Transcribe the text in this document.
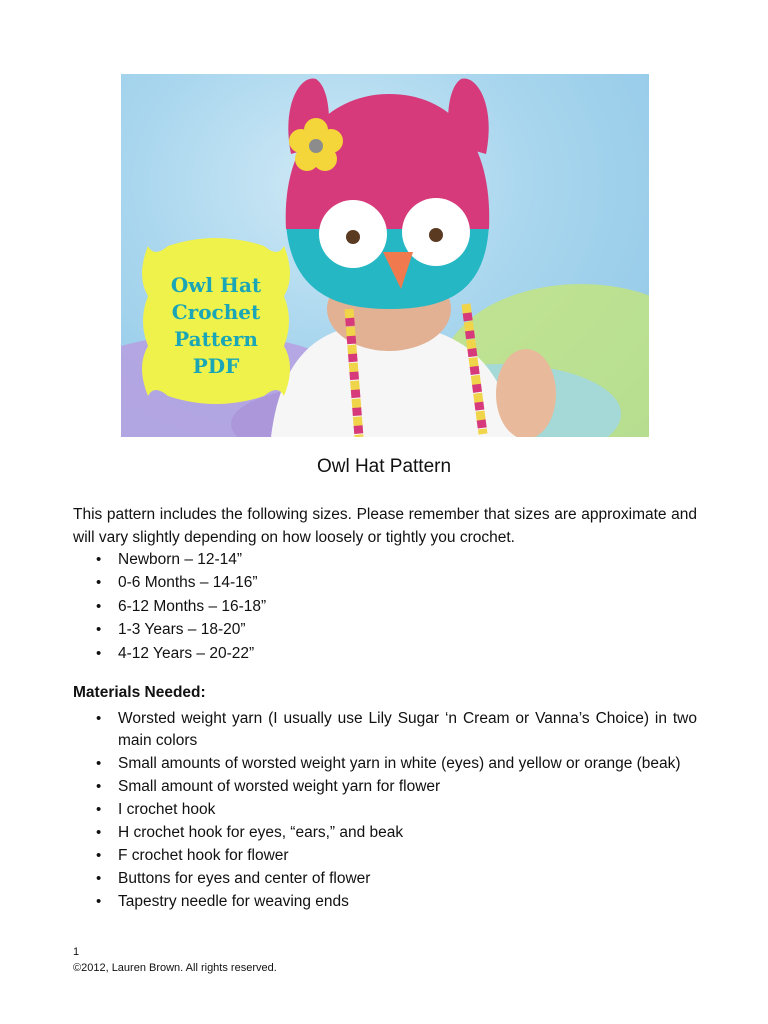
Owl Hat
Crochet
Pattern
PDF
Owl Hat Pattern

This pattern includes the following sizes. Please remember that sizes are approximate and will vary slightly depending on how loosely or tightly you crochet.

• Newborn – 12-14”
• 0-6 Months – 14-16”
• 6-12 Months – 16-18”
• 1-3 Years – 18-20”
• 4-12 Years – 20-22”
Materials Needed:
• Worsted weight yarn (I usually use Lily Sugar ‘n Cream or Vanna’s Choice) in two main colors
• Small amounts of worsted weight yarn in white (eyes) and yellow or orange (beak)
• Small amount of worsted weight yarn for flower
• I crochet hook
• H crochet hook for eyes, “ears,” and beak
• F crochet hook for flower
• Buttons for eyes and center of flower
• Tapestry needle for weaving ends
1
©2012, Lauren Brown. All rights reserved.
